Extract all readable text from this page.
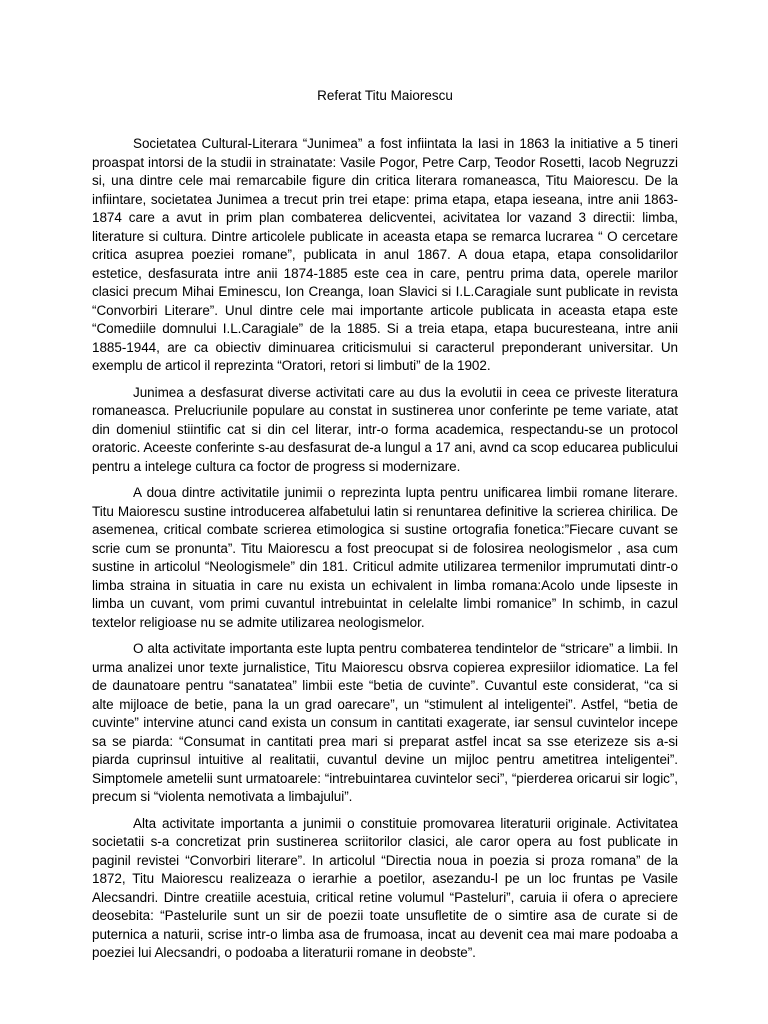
Referat Titu Maiorescu

Societatea Cultural-Literara “Junimea” a fost infiintata la Iasi in 1863 la initiative a 5 tineri proaspat intorsi de la studii in strainatate: Vasile Pogor, Petre Carp, Teodor Rosetti, Iacob Negruzzi si, una dintre cele mai remarcabile figure din critica literara romaneasca, Titu Maiorescu. De la infiintare, societatea Junimea a trecut prin trei etape: prima etapa, etapa ieseana, intre anii 1863-1874 care a avut in prim plan combaterea delicventei, acivitatea lor vazand 3 directii: limba, literature si cultura. Dintre articolele publicate in aceasta etapa se remarca lucrarea “ O cercetare critica asuprea poeziei romane”, publicata in anul 1867. A doua etapa, etapa consolidarilor estetice, desfasurata intre anii 1874-1885 este cea in care, pentru prima data, operele marilor clasici precum Mihai Eminescu, Ion Creanga, Ioan Slavici si I.L.Caragiale sunt publicate in revista “Convorbiri Literare”. Unul dintre cele mai importante articole publicata in aceasta etapa este “Comediile domnului I.L.Caragiale” de la 1885. Si a treia etapa, etapa bucuresteana, intre anii 1885-1944, are ca obiectiv diminuarea criticismului si caracterul preponderant universitar. Un exemplu de articol il reprezinta “Oratori, retori si limbuti” de la 1902.

Junimea a desfasurat diverse activitati care au dus la evolutii in ceea ce priveste literatura romaneasca. Prelucriunile populare au constat in sustinerea unor conferinte pe teme variate, atat din domeniul stiintific cat si din cel literar, intr-o forma academica, respectandu-se un protocol oratoric. Aceeste conferinte s-au desfasurat de-a lungul a 17 ani, avnd ca scop educarea publicului pentru a intelege cultura ca foctor de progress si modernizare.

A doua dintre activitatile junimii o reprezinta lupta pentru unificarea limbii romane literare. Titu Maiorescu sustine introducerea alfabetului latin si renuntarea definitive la scrierea chirilica. De asemenea, critical combate scrierea etimologica si sustine ortografia fonetica:”Fiecare cuvant se scrie cum se pronunta”. Titu Maiorescu a fost preocupat si de folosirea neologismelor , asa cum sustine in articolul “Neologismele” din 181. Criticul admite utilizarea termenilor imprumutati dintr-o limba straina in situatia in care nu exista un echivalent in limba romana:Acolo unde lipseste in limba un cuvant, vom primi cuvantul intrebuintat in celelalte limbi romanice” In schimb, in cazul textelor religioase nu se admite utilizarea neologismelor.

O alta activitate importanta este lupta pentru combaterea tendintelor de “stricare” a limbii. In urma analizei unor texte jurnalistice, Titu Maiorescu obsrva copierea expresiilor idiomatice. La fel de daunatoare pentru “sanatatea” limbii este “betia de cuvinte”. Cuvantul este considerat, “ca si alte mijloace de betie, pana la un grad oarecare”, un “stimulent al inteligentei”. Astfel, “betia de cuvinte” intervine atunci cand exista un consum in cantitati exagerate, iar sensul cuvintelor incepe sa se piarda: “Consumat in cantitati prea mari si preparat astfel incat sa sse eterizeze sis a-si piarda cuprinsul intuitive al realitatii, cuvantul devine un mijloc pentru ametitrea inteligentei”. Simptomele ametelii sunt urmatoarele: “intrebuintarea cuvintelor seci”, “pierderea oricarui sir logic”, precum si “violenta nemotivata a limbajului”.

Alta activitate importanta a junimii o constituie promovarea literaturii originale. Activitatea societatii s-a concretizat prin sustinerea scriitorilor clasici, ale caror opera au fost publicate in paginil revistei “Convorbiri literare”. In articolul “Directia noua in poezia si proza romana” de la 1872, Titu Maiorescu realizeaza o ierarhie a poetilor, asezandu-l pe un loc fruntas pe Vasile Alecsandri. Dintre creatiile acestuia, critical retine volumul “Pasteluri”, caruia ii ofera o apreciere deosebita: “Pastelurile sunt un sir de poezii toate unsufletite de o simtire asa de curate si de puternica a naturii, scrise intr-o limba asa de frumoasa, incat au devenit cea mai mare podoaba a poeziei lui Alecsandri, o podoaba a literaturii romane in deobste”.
